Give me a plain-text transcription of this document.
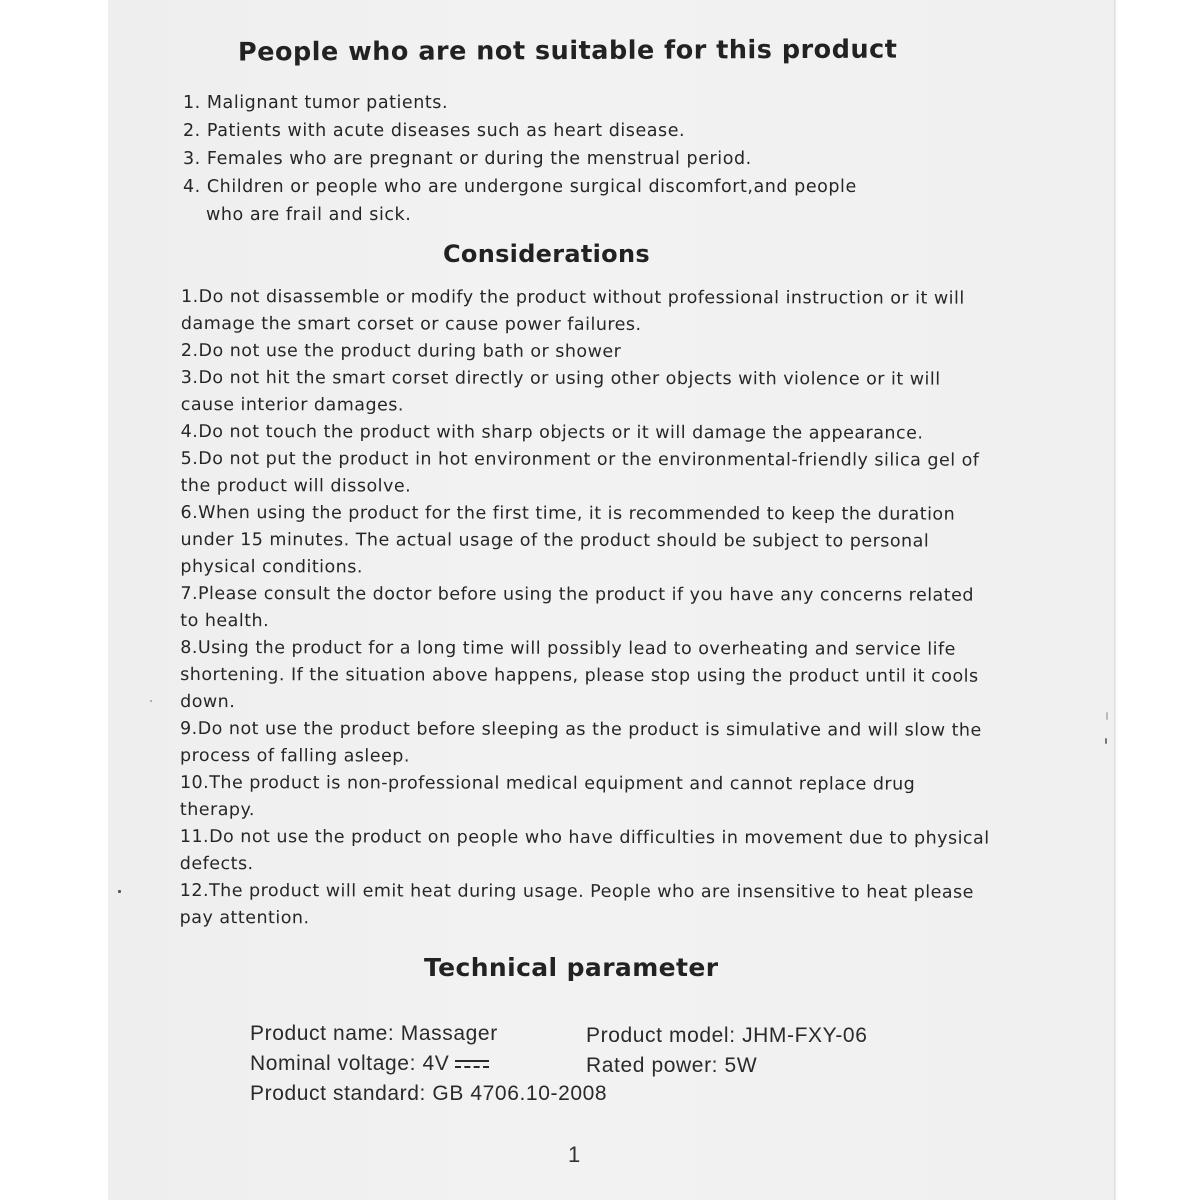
People who are not suitable for this product
1. Malignant tumor patients.
2. Patients with acute diseases such as heart disease.
3. Females who are pregnant or during the menstrual period.
4. Children or people who are undergone surgical discomfort,and people
who are frail and sick.
Considerations
1.Do not disassemble or modify the product without professional instruction or it will
damage the smart corset or cause power failures.
2.Do not use the product during bath or shower
3.Do not hit the smart corset directly or using other objects with violence or it will
cause interior damages.
4.Do not touch the product with sharp objects or it will damage the appearance.
5.Do not put the product in hot environment or the environmental-friendly silica gel of
the product will dissolve.
6.When using the product for the first time, it is recommended to keep the duration
under 15 minutes. The actual usage of the product should be subject to personal
physical conditions.
7.Please consult the doctor before using the product if you have any concerns related
to health.
8.Using the product for a long time will possibly lead to overheating and service life
shortening. If the situation above happens, please stop using the product until it cools
down.
9.Do not use the product before sleeping as the product is simulative and will slow the
process of falling asleep.
10.The product is non-professional medical equipment and cannot replace drug
therapy.
11.Do not use the product on people who have difficulties in movement due to physical
defects.
12.The product will emit heat during usage. People who are insensitive to heat please
pay attention.
Technical parameter
Product name: Massager	Product model: JHM-FXY-06
Nominal voltage: 4V	Rated power: 5W
Product standard: GB 4706.10-2008
1
